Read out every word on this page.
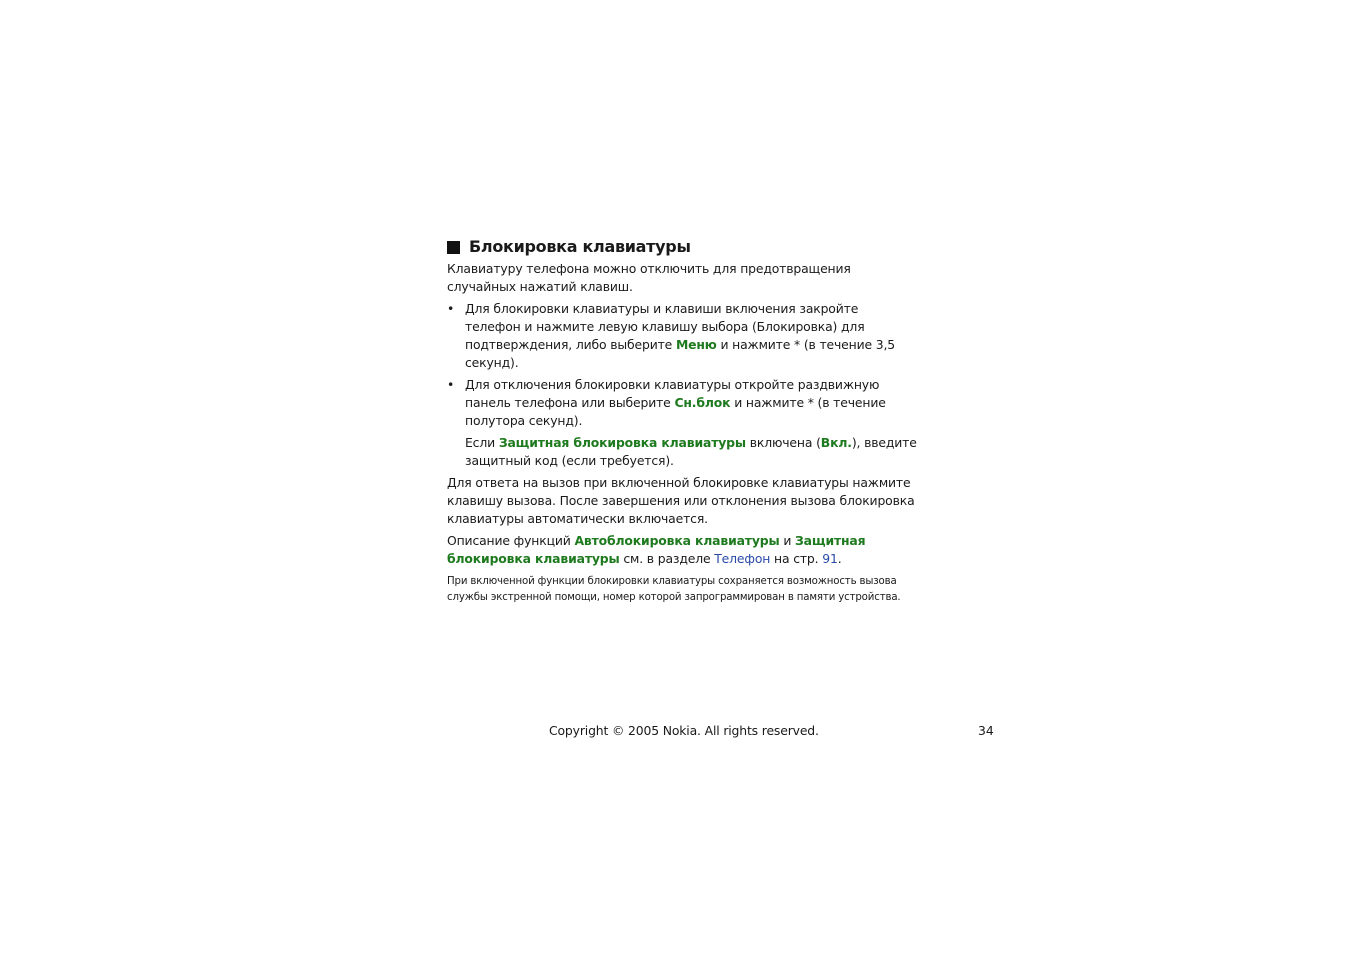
Блокировка клавиатуры

Клавиатуру телефона можно отключить для предотвращения случайных нажатий клавиш.

• Для блокировки клавиатуры и клавиши включения закройте телефон и нажмите левую клавишу выбора (Блокировка) для подтверждения, либо выберите Меню и нажмите * (в течение 3,5 секунд).
• Для отключения блокировки клавиатуры откройте раздвижную панель телефона или выберите Сн.блок и нажмите * (в течение полутора секунд).

Если Защитная блокировка клавиатуры включена (Вкл.), введите защитный код (если требуется).

Для ответа на вызов при включенной блокировке клавиатуры нажмите клавишу вызова. После завершения или отклонения вызова блокировка клавиатуры автоматически включается.

Описание функций Автоблокировка клавиатуры и Защитная блокировка клавиатуры см. в разделе Телефон на стр. 91.

При включенной функции блокировки клавиатуры сохраняется возможность вызова службы экстренной помощи, номер которой запрограммирован в памяти устройства.

Copyright © 2005 Nokia. All rights reserved.	34
